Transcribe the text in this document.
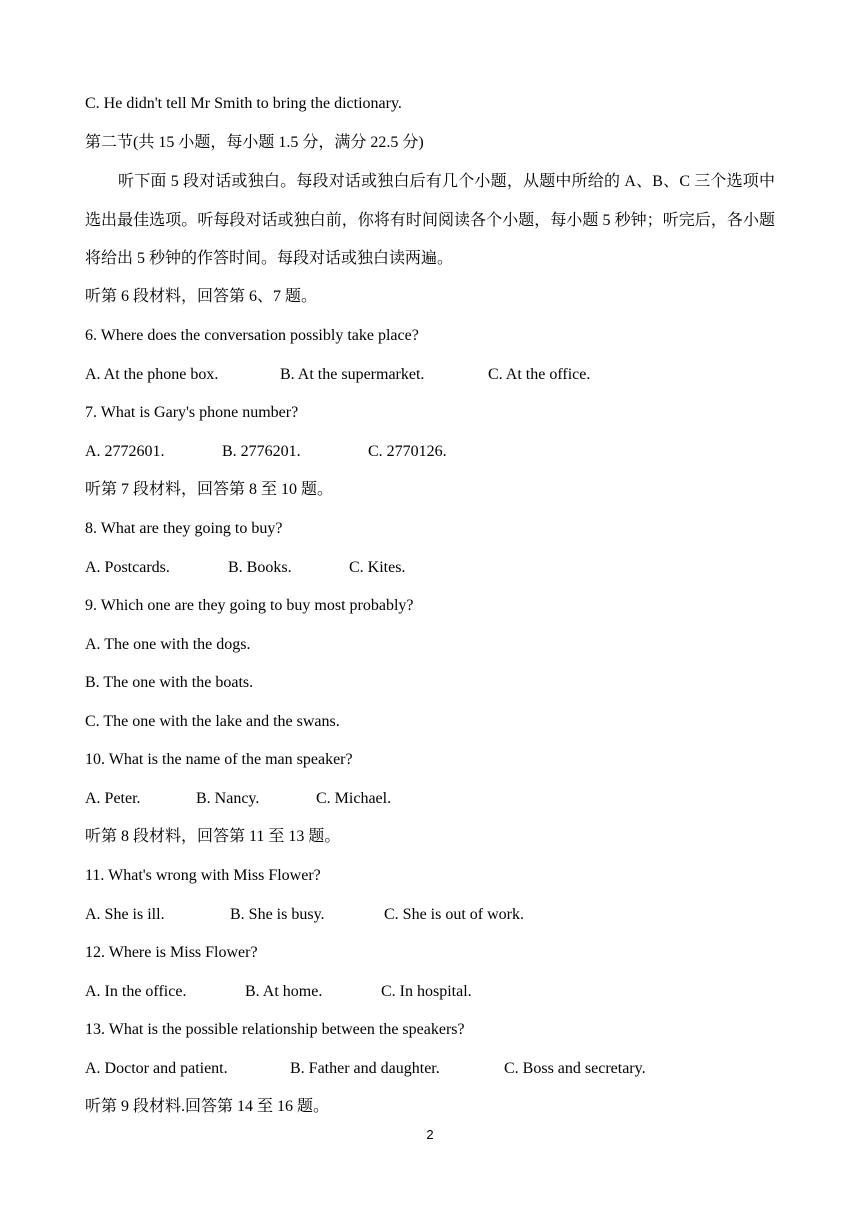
C. He didn't tell Mr Smith to bring the dictionary.
第二节(共 15 小题，每小题 1.5 分，满分 22.5 分)
听下面 5 段对话或独白。每段对话或独白后有几个小题，从题中所给的 A、B、C 三个选项中选出最佳选项。听每段对话或独白前，你将有时间阅读各个小题，每小题 5 秒钟；听完后，各小题将给出 5 秒钟的作答时间。每段对话或独白读两遍。
听第 6 段材料，回答第 6、7 题。
6. Where does the conversation possibly take place?
A. At the phone box.	B. At the supermarket.	C. At the office.
7. What is Gary's phone number?
A. 2772601.	B. 2776201.	C. 2770126.
听第 7 段材料，回答第 8 至 10 题。
8. What are they going to buy?
A. Postcards.	B. Books.	C. Kites.
9. Which one are they going to buy most probably?
A. The one with the dogs.
B. The one with the boats.
C. The one with the lake and the swans.
10. What is the name of the man speaker?
A. Peter.	B. Nancy.	C. Michael.
听第 8 段材料，回答第 11 至 13 题。
11. What's wrong with Miss Flower?
A. She is ill.	B. She is busy.	C. She is out of work.
12. Where is Miss Flower?
A. In the office.	B. At home.	C. In hospital.
13. What is the possible relationship between the speakers?
A. Doctor and patient.	B. Father and daughter.	C. Boss and secretary.
听第 9 段材料.回答第 14 至 16 题。
2
